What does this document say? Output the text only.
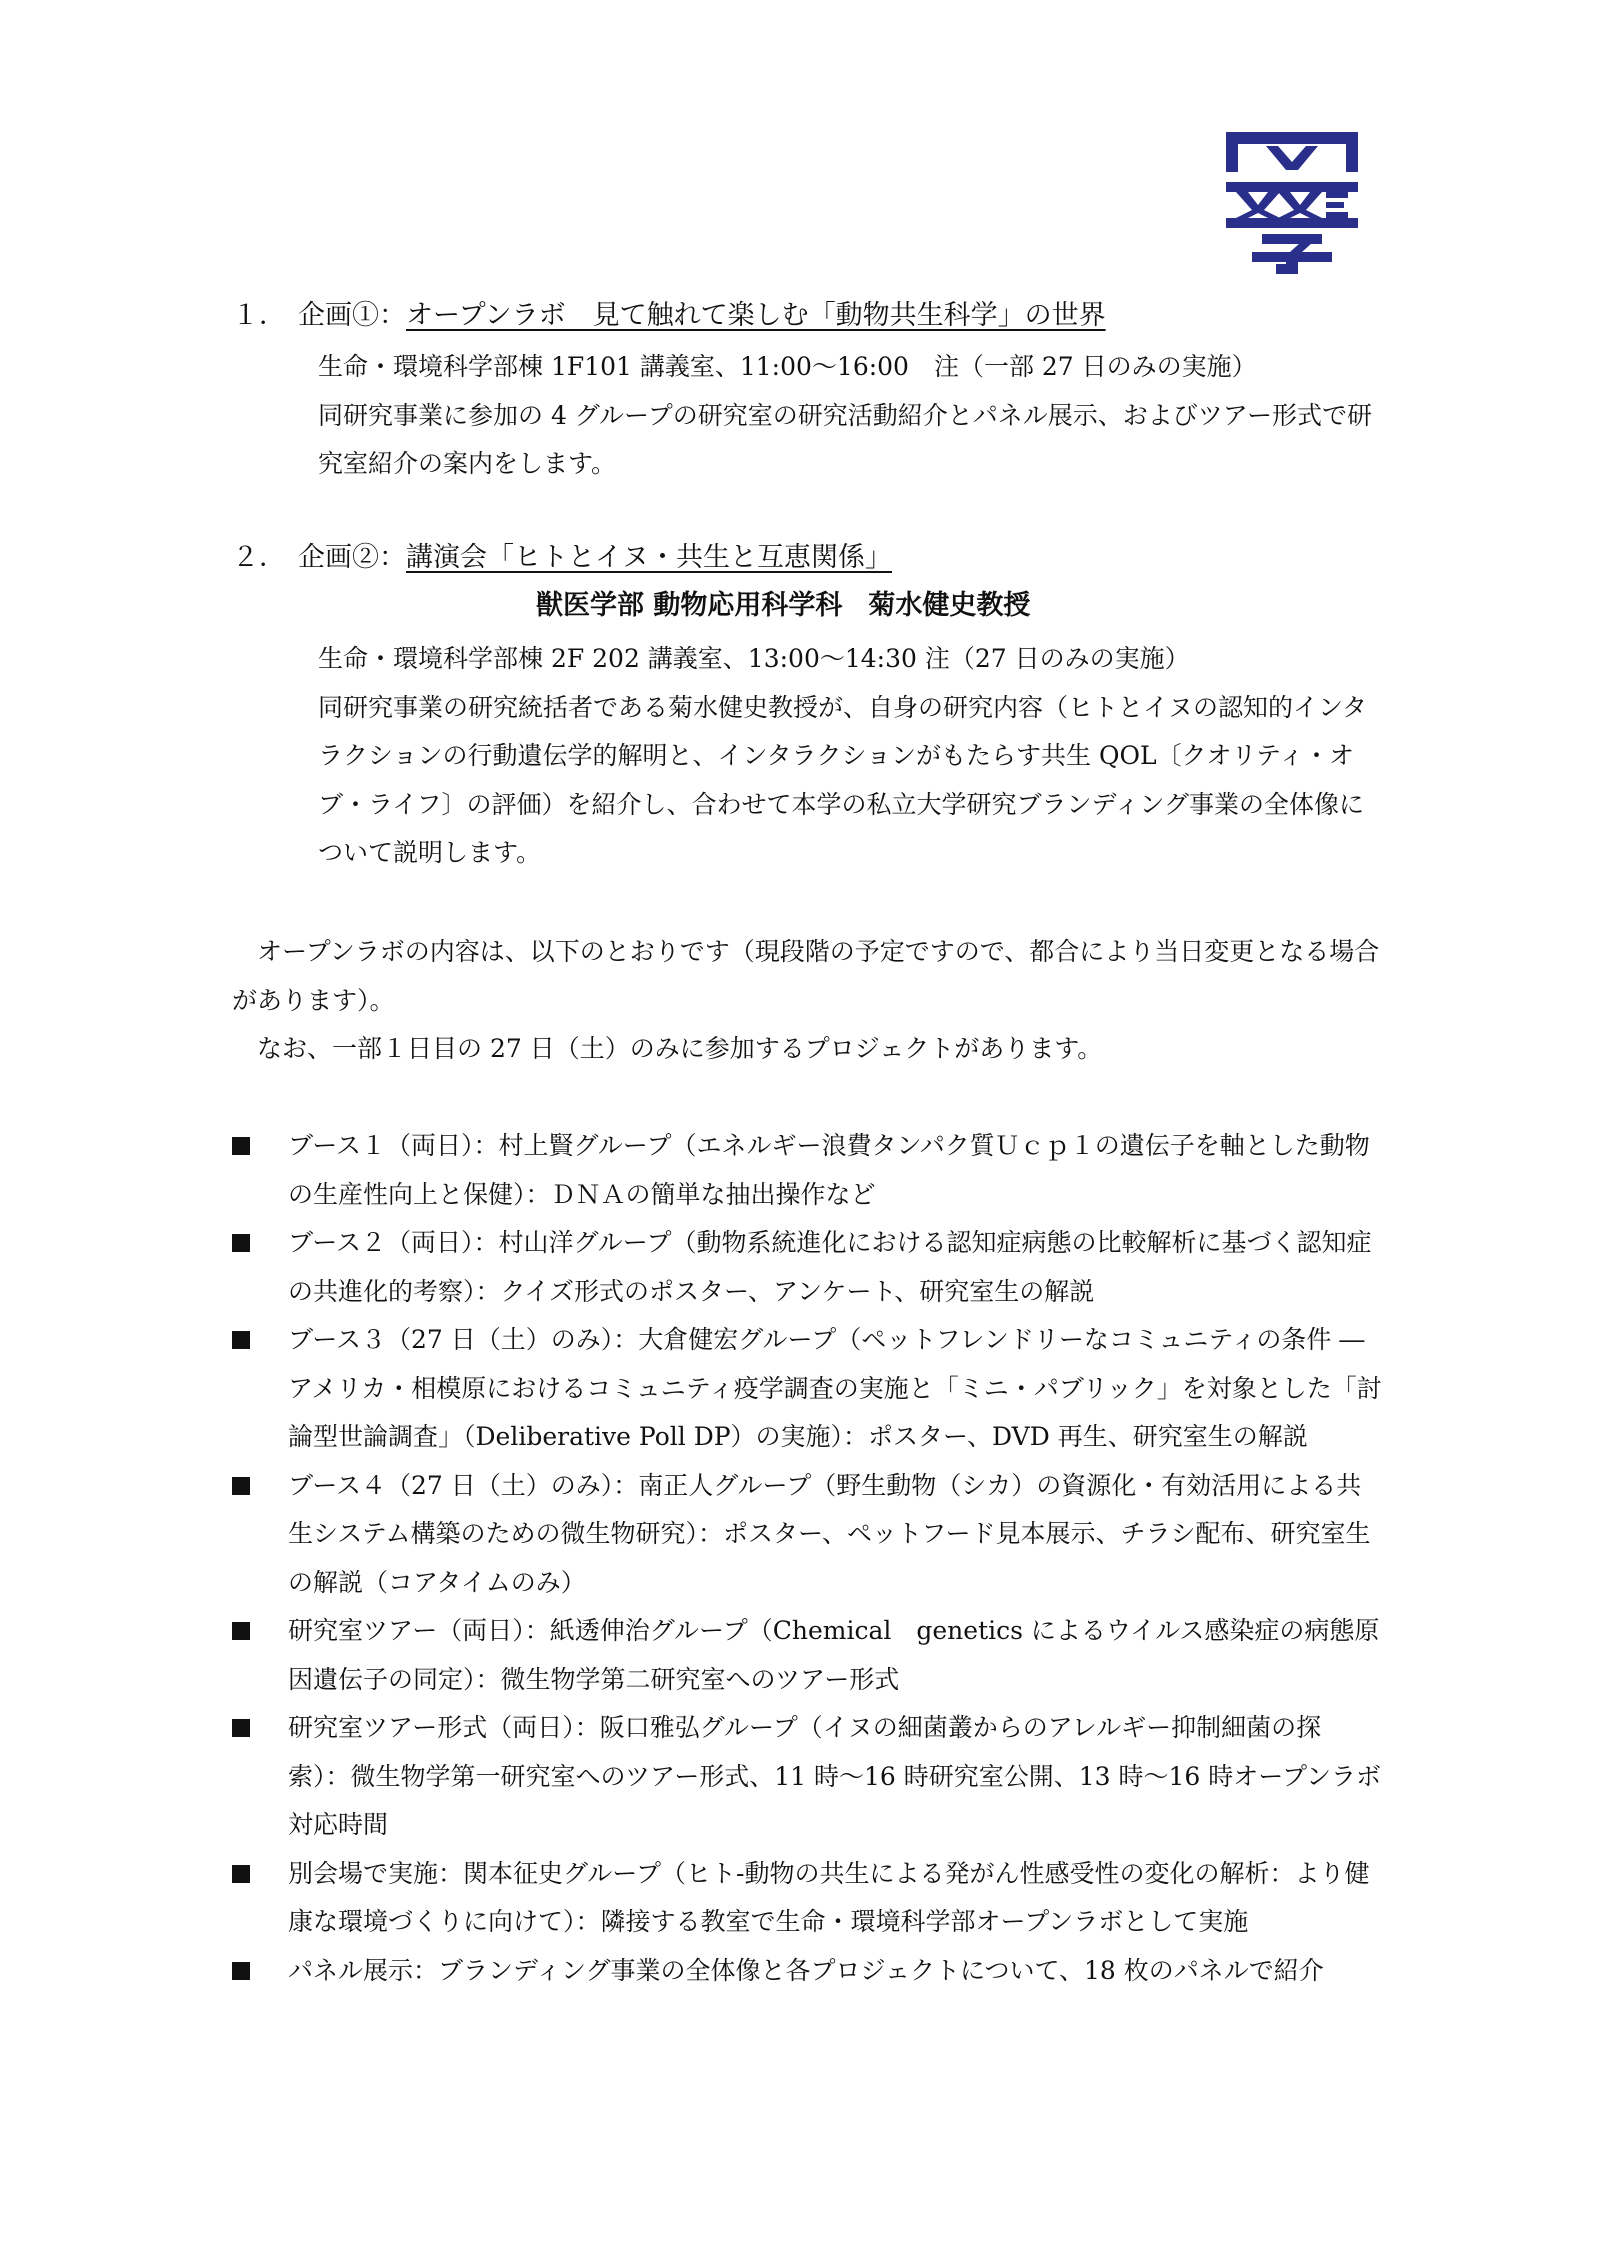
１． 企画①：オープンラボ　見て触れて楽しむ「動物共生科学」の世界

生命・環境科学部棟 1F101 講義室、11:00～16:00　注（一部 27 日のみの実施）

同研究事業に参加の 4 グループの研究室の研究活動紹介とパネル展示、およびツアー形式で研究室紹介の案内をします。

２． 企画②：講演会「ヒトとイヌ・共生と互恵関係」
獣医学部 動物応用科学科 菊水健史教授

生命・環境科学部棟 2F 202 講義室、13:00～14:30 注（27 日のみの実施）

同研究事業の研究統括者である菊水健史教授が、自身の研究内容（ヒトとイヌの認知的インタラクションの行動遺伝学的解明と、インタラクションがもたらす共生 QOL〔クオリティ・オブ・ライフ〕の評価）を紹介し、合わせて本学の私立大学研究ブランディング事業の全体像について説明します。

オープンラボの内容は、以下のとおりです（現段階の予定ですので、都合により当日変更となる場合があります）。

なお、一部１日目の 27 日（土）のみに参加するプロジェクトがあります。

ブース１（両日）：村上賢グループ（エネルギー浪費タンパク質Ｕｃｐ１の遺伝子を軸とした動物の生産性向上と保健）：ＤＮＡの簡単な抽出操作など
ブース２（両日）：村山洋グループ（動物系統進化における認知症病態の比較解析に基づく認知症の共進化的考察）：クイズ形式のポスター、アンケート、研究室生の解説
ブース３（27 日（土）のみ）：大倉健宏グループ（ペットフレンドリーなコミュニティの条件 ― アメリカ・相模原におけるコミュニティ疫学調査の実施と「ミニ・パブリック」を対象とした「討論型世論調査」（Deliberative Poll DP）の実施）：ポスター、DVD 再生、研究室生の解説
ブース４（27 日（土）のみ）：南正人グループ（野生動物（シカ）の資源化・有効活用による共生システム構築のための微生物研究）：ポスター、ペットフード見本展示、チラシ配布、研究室生の解説（コアタイムのみ）
研究室ツアー（両日）：紙透伸治グループ（Chemical　genetics によるウイルス感染症の病態原因遺伝子の同定）：微生物学第二研究室へのツアー形式
研究室ツアー形式（両日）：阪口雅弘グループ（イヌの細菌叢からのアレルギー抑制細菌の探索）：微生物学第一研究室へのツアー形式、11 時～16 時研究室公開、13 時～16 時オープンラボ対応時間
別会場で実施：関本征史グループ（ヒト-動物の共生による発がん性感受性の変化の解析：より健康な環境づくりに向けて）：隣接する教室で生命・環境科学部オープンラボとして実施
パネル展示：ブランディング事業の全体像と各プロジェクトについて、18 枚のパネルで紹介
